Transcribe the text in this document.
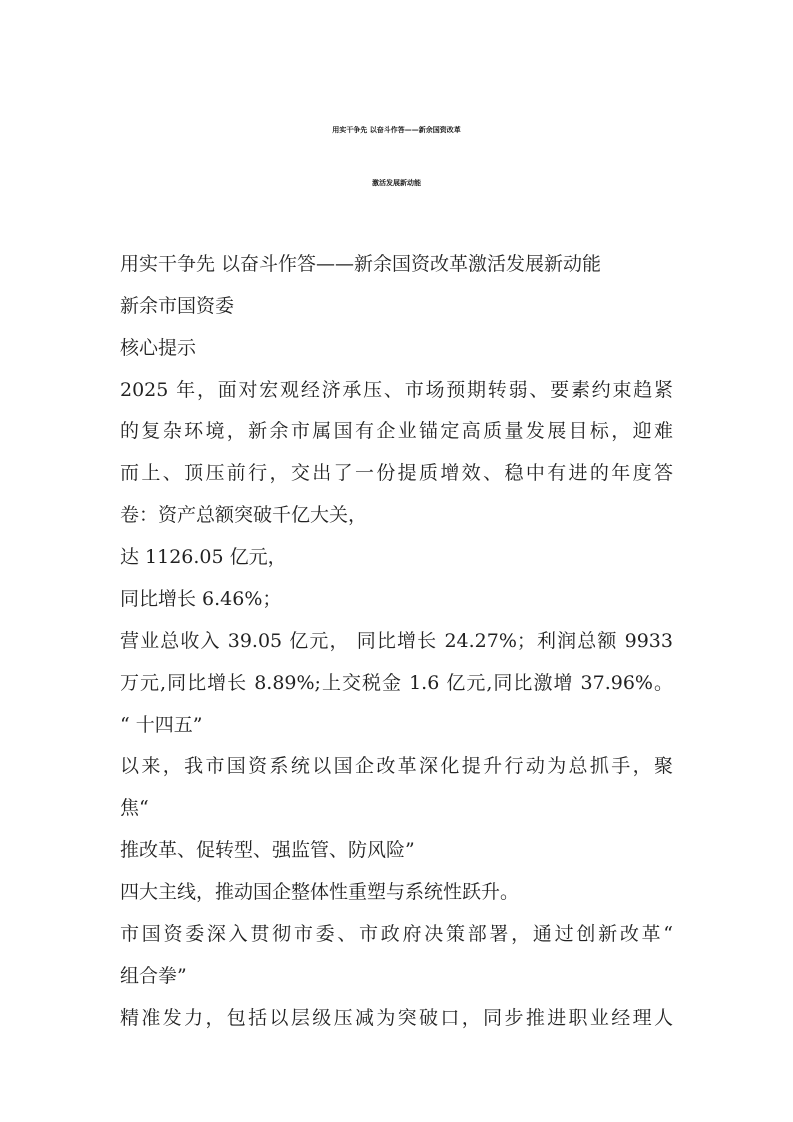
用实干争先 以奋斗作答——新余国资改革
激活发展新动能
用实干争先 以奋斗作答——新余国资改革激活发展新动能
新余市国资委
核心提示
2025 年，面对宏观经济承压、市场预期转弱、要素约束趋紧
的复杂环境，新余市属国有企业锚定高质量发展目标，迎难
而上、顶压前行，交出了一份提质增效、稳中有进的年度答
卷：资产总额突破千亿大关，
达 1126.05 亿元，
同比增长 6.46%；
营业总收入 39.05 亿元， 同比增长 24.27%；利润总额 9933
万元,同比增长 8.89%;上交税金 1.6 亿元,同比激增 37.96%。
“ 十四五”
以来，我市国资系统以国企改革深化提升行动为总抓手，聚
焦“
推改革、促转型、强监管、防风险”
四大主线，推动国企整体性重塑与系统性跃升。
市国资委深入贯彻市委、市政府决策部署，通过创新改革“
组合拳”
精准发力，包括以层级压减为突破口，同步推进职业经理人
